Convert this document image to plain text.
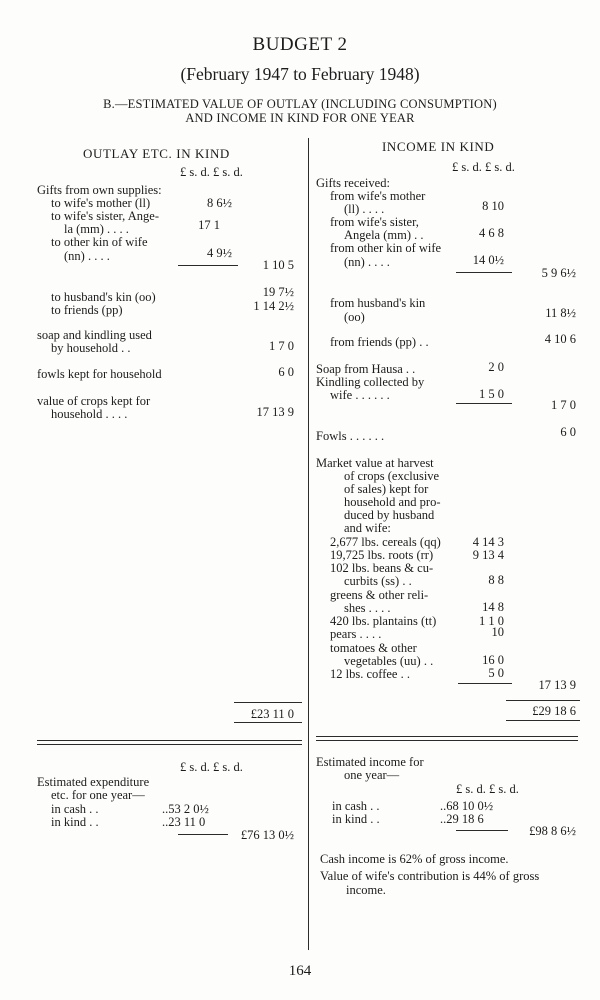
BUDGET 2
(February 1947 to February 1948)
B.—ESTIMATED VALUE OF OUTLAY (INCLUDING CONSUMPTION)
AND INCOME IN KIND FOR ONE YEAR
OUTLAY ETC. IN KIND	INCOME IN KIND
£ s. d. £ s. d.	£ s. d. £ s. d.
Gifts from own supplies:
to wife's mother (ll)	8 6½
to wife's sister, Ange-
la (mm) . . . .	17 1
to other kin of wife
(nn) . . . .	4 9½
1 10 5
to husband's kin (oo)	19 7½
to friends (pp)	1 14 2½
soap and kindling used
by household . .	1 7 0
fowls kept for household	6 0
value of crops kept for
household . . . .	17 13 9
£23 11 0
Gifts received:
from wife's mother
(ll) . . . .	8 10
from wife's sister,
Angela (mm) . .	4 6 8
from other kin of wife
(nn) . . . .	14 0½
5 9 6½
from husband's kin
(oo)	11 8½
from friends (pp) . .	4 10 6
Soap from Hausa . .	2 0
Kindling collected by
wife . . . . . .	1 5 0
1 7 0
Fowls . . . . . .	6 0
Market value at harvest
of crops (exclusive
of sales) kept for
household and pro-
duced by husband
and wife:
2,677 lbs. cereals (qq)	4 14 3
19,725 lbs. roots (rr)	9 13 4
102 lbs. beans & cu-
curbits (ss) . .	8 8
greens & other reli-
shes . . . .	14 8
420 lbs. plantains (tt)	1 1 0
pears . . . .	10
tomatoes & other
vegetables (uu) . .	16 0
12 lbs. coffee . .	5 0
17 13 9
£29 18 6
£ s. d. £ s. d.
Estimated expenditure
etc. for one year—
in cash . .	..53 2 0½
in kind . .	..23 11 0
£76 13 0½
Estimated income for
one year—
£ s. d. £ s. d.
in cash . .	..68 10 0½
in kind . .	..29 18 6
£98 8 6½
Cash income is 62% of gross income.
Value of wife's contribution is 44% of gross
income.
164
